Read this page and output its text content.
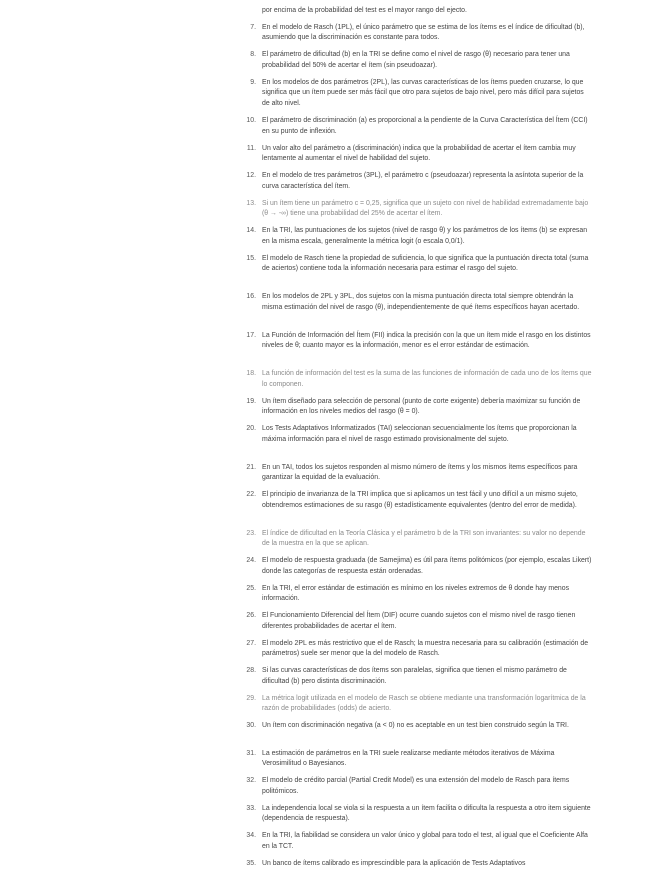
por encima de la probabilidad del test es el mayor rango del ejecto.
7. En el modelo de Rasch (1PL), el único parámetro que se estima de los ítems es el índice de dificultad (b), asumiendo que la discriminación es constante para todos.
8. El parámetro de dificultad (b) en la TRI se define como el nivel de rasgo (θ) necesario para tener una probabilidad del 50% de acertar el ítem (sin pseudoazar).
9. En los modelos de dos parámetros (2PL), las curvas características de los ítems pueden cruzarse, lo que significa que un ítem puede ser más fácil que otro para sujetos de bajo nivel, pero más difícil para sujetos de alto nivel.
10. El parámetro de discriminación (a) es proporcional a la pendiente de la Curva Característica del Ítem (CCI) en su punto de inflexión.
11. Un valor alto del parámetro a (discriminación) indica que la probabilidad de acertar el ítem cambia muy lentamente al aumentar el nivel de habilidad del sujeto.
12. En el modelo de tres parámetros (3PL), el parámetro c (pseudoazar) representa la asíntota superior de la curva característica del ítem.
13. Si un ítem tiene un parámetro c = 0,25, significa que un sujeto con nivel de habilidad extremadamente bajo (θ → -∞) tiene una probabilidad del 25% de acertar el ítem.
14. En la TRI, las puntuaciones de los sujetos (nivel de rasgo θ) y los parámetros de los ítems (b) se expresan en la misma escala, generalmente la métrica logit (o escala 0,0/1).
15. El modelo de Rasch tiene la propiedad de suficiencia, lo que significa que la puntuación directa total (suma de aciertos) contiene toda la información necesaria para estimar el rasgo del sujeto.
16. En los modelos de 2PL y 3PL, dos sujetos con la misma puntuación directa total siempre obtendrán la misma estimación del nivel de rasgo (θ), independientemente de qué ítems específicos hayan acertado.
17. La Función de Información del Ítem (FII) indica la precisión con la que un ítem mide el rasgo en los distintos niveles de θ; cuanto mayor es la información, menor es el error estándar de estimación.
18. La función de información del test es la suma de las funciones de información de cada uno de los ítems que lo componen.
19. Un ítem diseñado para selección de personal (punto de corte exigente) debería maximizar su función de información en los niveles medios del rasgo (θ = 0).
20. Los Tests Adaptativos Informatizados (TAI) seleccionan secuencialmente los ítems que proporcionan la máxima información para el nivel de rasgo estimado provisionalmente del sujeto.
21. En un TAI, todos los sujetos responden al mismo número de ítems y los mismos ítems específicos para garantizar la equidad de la evaluación.
22. El principio de invarianza de la TRI implica que si aplicamos un test fácil y uno difícil a un mismo sujeto, obtendremos estimaciones de su rasgo (θ) estadísticamente equivalentes (dentro del error de medida).
23. El índice de dificultad en la Teoría Clásica y el parámetro b de la TRI son invariantes: su valor no depende de la muestra en la que se aplican.
24. El modelo de respuesta graduada (de Samejima) es útil para ítems politómicos (por ejemplo, escalas Likert) donde las categorías de respuesta están ordenadas.
25. En la TRI, el error estándar de estimación es mínimo en los niveles extremos de θ donde hay menos información.
26. El Funcionamiento Diferencial del Ítem (DIF) ocurre cuando sujetos con el mismo nivel de rasgo tienen diferentes probabilidades de acertar el ítem.
27. El modelo 2PL es más restrictivo que el de Rasch; la muestra necesaria para su calibración (estimación de parámetros) suele ser menor que la del modelo de Rasch.
28. Si las curvas características de dos ítems son paralelas, significa que tienen el mismo parámetro de dificultad (b) pero distinta discriminación.
29. La métrica logit utilizada en el modelo de Rasch se obtiene mediante una transformación logarítmica de la razón de probabilidades (odds) de acierto.
30. Un ítem con discriminación negativa (a < 0) no es aceptable en un test bien construido según la TRI.
31. La estimación de parámetros en la TRI suele realizarse mediante métodos iterativos de Máxima Verosimilitud o Bayesianos.
32. El modelo de crédito parcial (Partial Credit Model) es una extensión del modelo de Rasch para ítems politómicos.
33. La independencia local se viola si la respuesta a un ítem facilita o dificulta la respuesta a otro item siguiente (dependencia de respuesta).
34. En la TRI, la fiabilidad se considera un valor único y global para todo el test, al igual que el Coeficiente Alfa en la TCT.
35. Un banco de ítems calibrado es imprescindible para la aplicación de Tests Adaptativos
